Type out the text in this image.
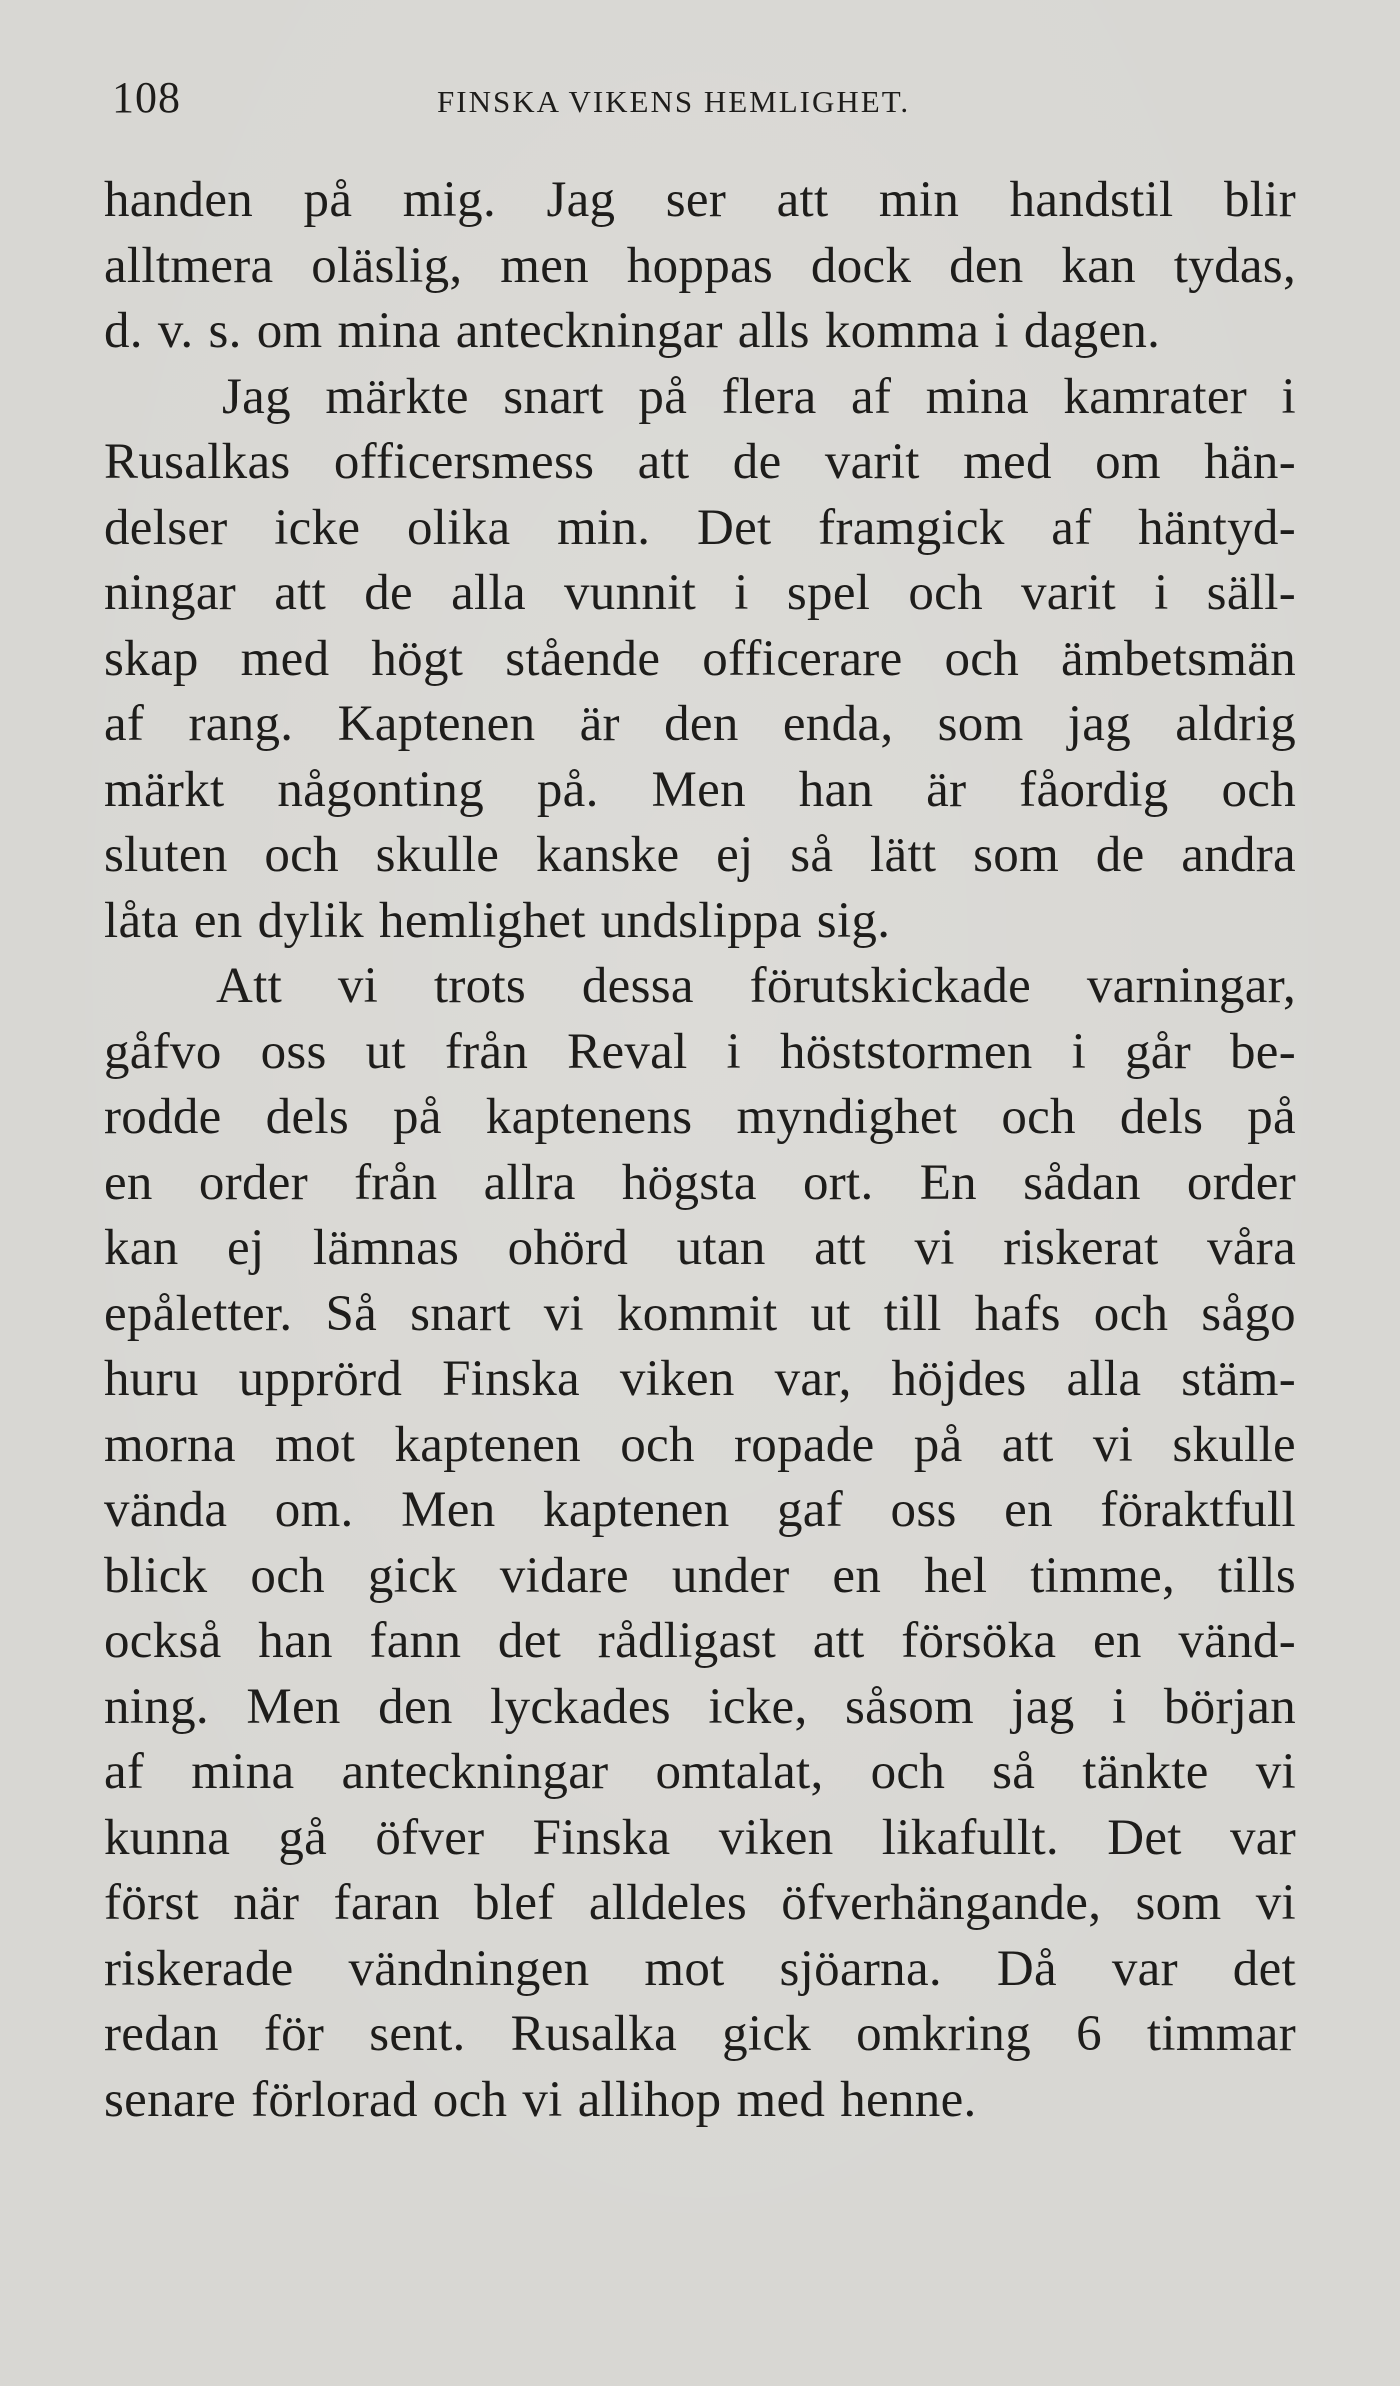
108	FINSKA VIKENS HEMLIGHET.
handen på mig. Jag ser att min handstil blir
alltmera oläslig, men hoppas dock den kan tydas,
d. v. s. om mina anteckningar alls komma i dagen.
Jag märkte snart på flera af mina kamrater i
Rusalkas officersmess att de varit med om hän-
delser icke olika min. Det framgick af häntyd-
ningar att de alla vunnit i spel och varit i säll-
skap med högt stående officerare och ämbetsmän
af rang. Kaptenen är den enda, som jag aldrig
märkt någonting på. Men han är fåordig och
sluten och skulle kanske ej så lätt som de andra
låta en dylik hemlighet undslippa sig.
Att vi trots dessa förutskickade varningar,
gåfvo oss ut från Reval i höststormen i går be-
rodde dels på kaptenens myndighet och dels på
en order från allra högsta ort. En sådan order
kan ej lämnas ohörd utan att vi riskerat våra
epåletter. Så snart vi kommit ut till hafs och sågo
huru upprörd Finska viken var, höjdes alla stäm-
morna mot kaptenen och ropade på att vi skulle
vända om. Men kaptenen gaf oss en föraktfull
blick och gick vidare under en hel timme, tills
också han fann det rådligast att försöka en vänd-
ning. Men den lyckades icke, såsom jag i början
af mina anteckningar omtalat, och så tänkte vi
kunna gå öfver Finska viken likafullt. Det var
först när faran blef alldeles öfverhängande, som vi
riskerade vändningen mot sjöarna. Då var det
redan för sent. Rusalka gick omkring 6 timmar
senare förlorad och vi allihop med henne.
